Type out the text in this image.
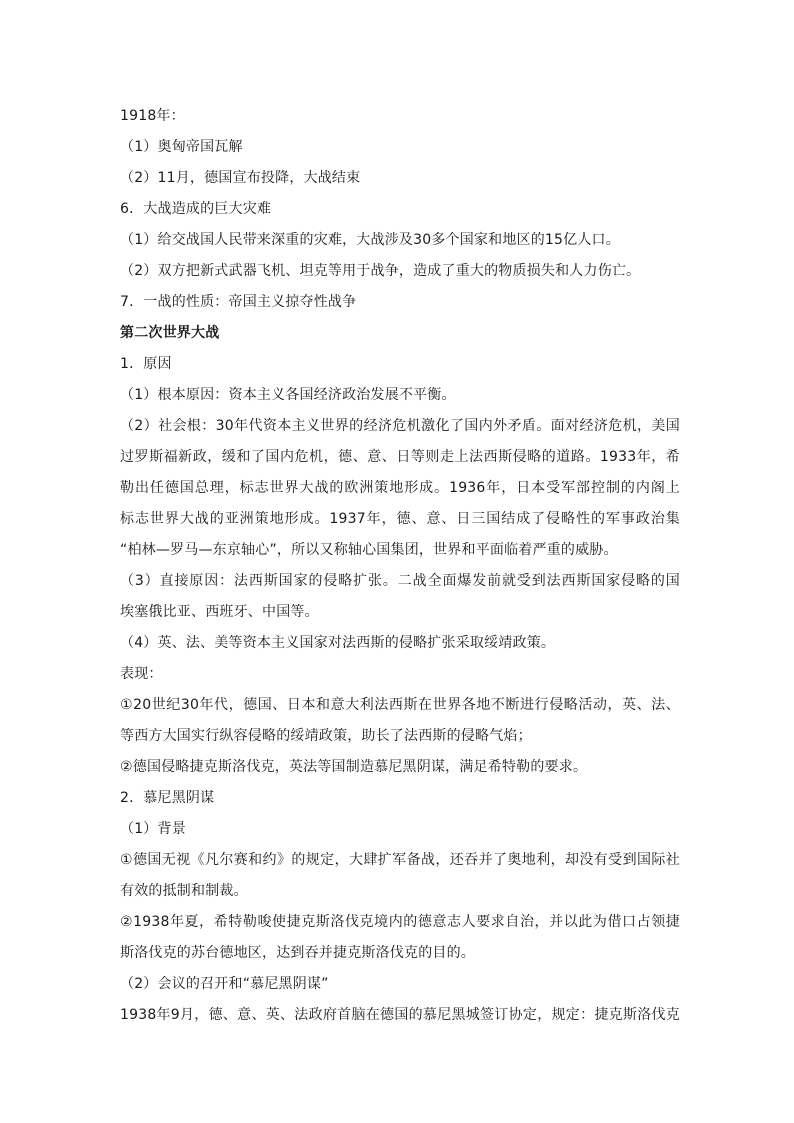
1918年：
（1）奥匈帝国瓦解
（2）11月，德国宣布投降，大战结束
6．大战造成的巨大灾难
（1）给交战国人民带来深重的灾难，大战涉及30多个国家和地区的15亿人口。
（2）双方把新式武器飞机、坦克等用于战争，造成了重大的物质损失和人力伤亡。
7．一战的性质：帝国主义掠夺性战争
第二次世界大战
1．原因
（1）根本原因：资本主义各国经济政治发展不平衡。
（2）社会根：30年代资本主义世界的经济危机激化了国内外矛盾。面对经济危机，美国
过罗斯福新政，缓和了国内危机，德、意、日等则走上法西斯侵略的道路。1933年，希
勒出任德国总理，标志世界大战的欧洲策地形成。1936年，日本受军部控制的内阁上
标志世界大战的亚洲策地形成。1937年，德、意、日三国结成了侵略性的军事政治集
“柏林—罗马—东京轴心”，所以又称轴心国集团，世界和平面临着严重的威胁。
（3）直接原因：法西斯国家的侵略扩张。二战全面爆发前就受到法西斯国家侵略的国
埃塞俄比亚、西班牙、中国等。
（4）英、法、美等资本主义国家对法西斯的侵略扩张采取绥靖政策。
表现：
①20世纪30年代，德国、日本和意大利法西斯在世界各地不断进行侵略活动，英、法、
等西方大国实行纵容侵略的绥靖政策，助长了法西斯的侵略气焰；
②德国侵略捷克斯洛伐克，英法等国制造慕尼黑阴谋，满足希特勒的要求。
2．慕尼黑阴谋
（1）背景
①德国无视《凡尔赛和约》的规定，大肆扩军备战，还吞并了奥地利，却没有受到国际社
有效的抵制和制裁。
②1938年夏，希特勒唆使捷克斯洛伐克境内的德意志人要求自治，并以此为借口占领捷
斯洛伐克的苏台德地区，达到吞并捷克斯洛伐克的目的。
（2）会议的召开和“慕尼黑阴谋”
1938年9月，德、意、英、法政府首脑在德国的慕尼黑城签订协定，规定：捷克斯洛伐克
